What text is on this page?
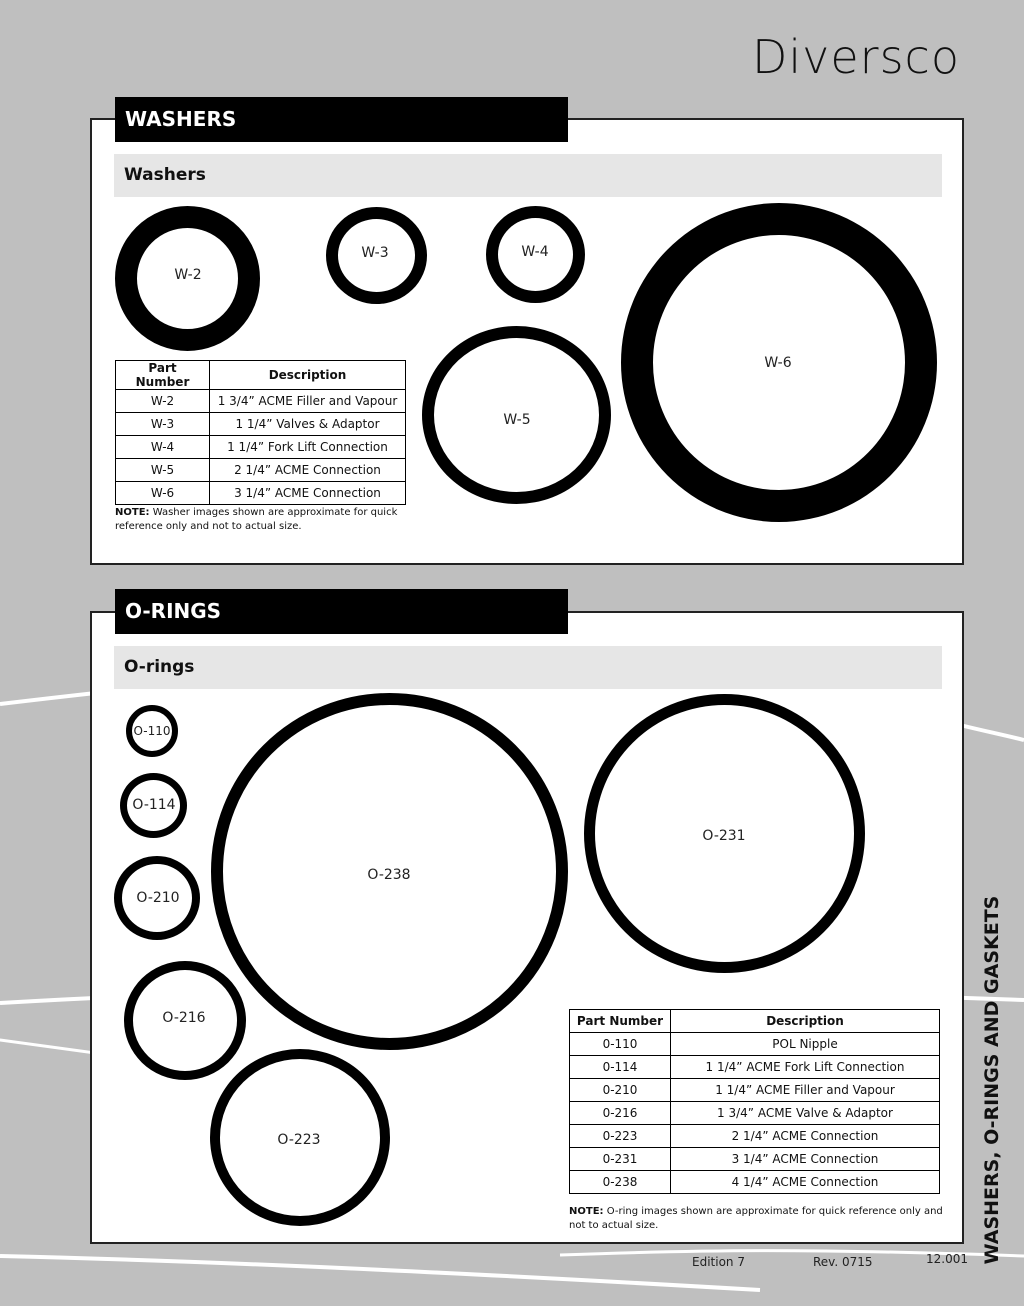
Diversco
WASHERS
Washers
W-2
W-3	W-4
W-5
W-6
Part Number	Description
W-2	1 3/4” ACME Filler and Vapour
W-3	1 1/4” Valves & Adaptor
W-4	1 1/4” Fork Lift Connection
W-5	2 1/4” ACME Connection
W-6	3 1/4” ACME Connection
NOTE: Washer images shown are approximate for quick reference only and not to actual size.
O-RINGS
O-rings
O-110
O-114
O-210
O-216
O-223
O-238
O-231
Part Number	Description
0-110	POL Nipple
0-114	1 1/4” ACME Fork Lift Connection
0-210	1 1/4” ACME Filler and Vapour
0-216	1 3/4” ACME Valve & Adaptor
0-223	2 1/4” ACME Connection
0-231	3 1/4” ACME Connection
0-238	4 1/4” ACME Connection
NOTE: O-ring images shown are approximate for quick reference only and not to actual size.	WASHERS, O-RINGS AND GASKETS
Edition 7	Rev. 0715	12.001
